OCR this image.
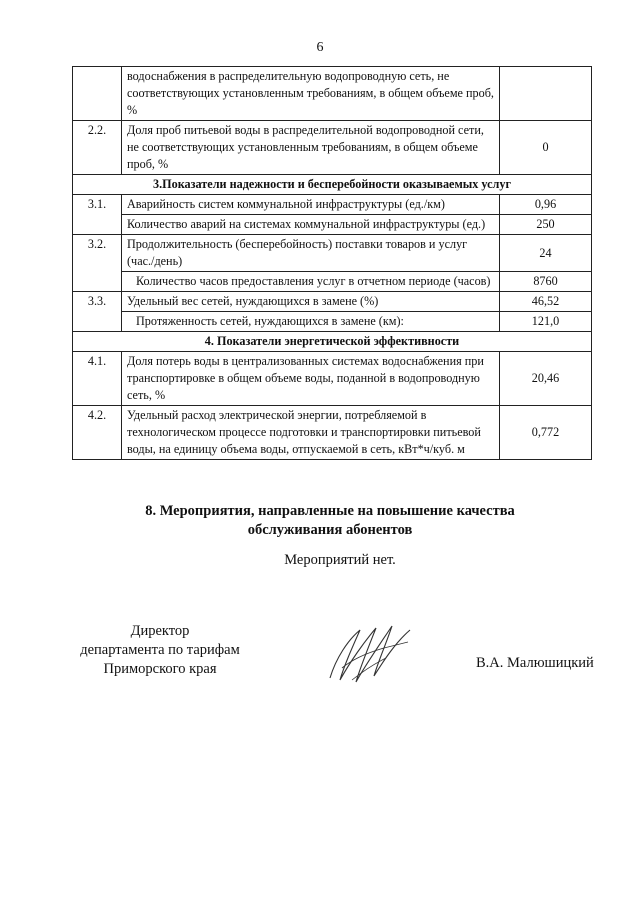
6
	водоснабжения в распределительную водопроводную сеть, не соответствующих установленным требованиям, в общем объеме проб, %	
2.2.	Доля проб питьевой воды в распределительной водопроводной сети, не соответствующих установленным требованиям, в общем объеме проб, %	0
3.Показатели надежности и бесперебойности оказываемых услуг		
3.1.	Аварийность систем коммунальной инфраструктуры (ед./км)	0,96
	Количество аварий на системах коммунальной инфраструктуры (ед.)	250
3.2.	Продолжительность (бесперебойность) поставки товаров и услуг (час./день)	24
	Количество часов предоставления услуг в отчетном периоде (часов)	8760
3.3.	Удельный вес сетей, нуждающихся в замене (%)	46,52
	Протяженность сетей, нуждающихся в замене (км):	121,0
4. Показатели энергетической эффективности		
4.1.	Доля потерь воды в централизованных системах водоснабжения при транспортировке в общем объеме воды, поданной в водопроводную сеть, %	20,46
4.2.	Удельный расход электрической энергии, потребляемой в технологическом процессе подготовки и транспортировки питьевой воды, на единицу объема воды, отпускаемой в сеть, кВт*ч/куб. м	0,772
8. Мероприятия, направленные на повышение качества
обслуживания абонентов
Мероприятий нет.
Директор
департамента по тарифам
Приморского края	В.А. Малюшицкий
